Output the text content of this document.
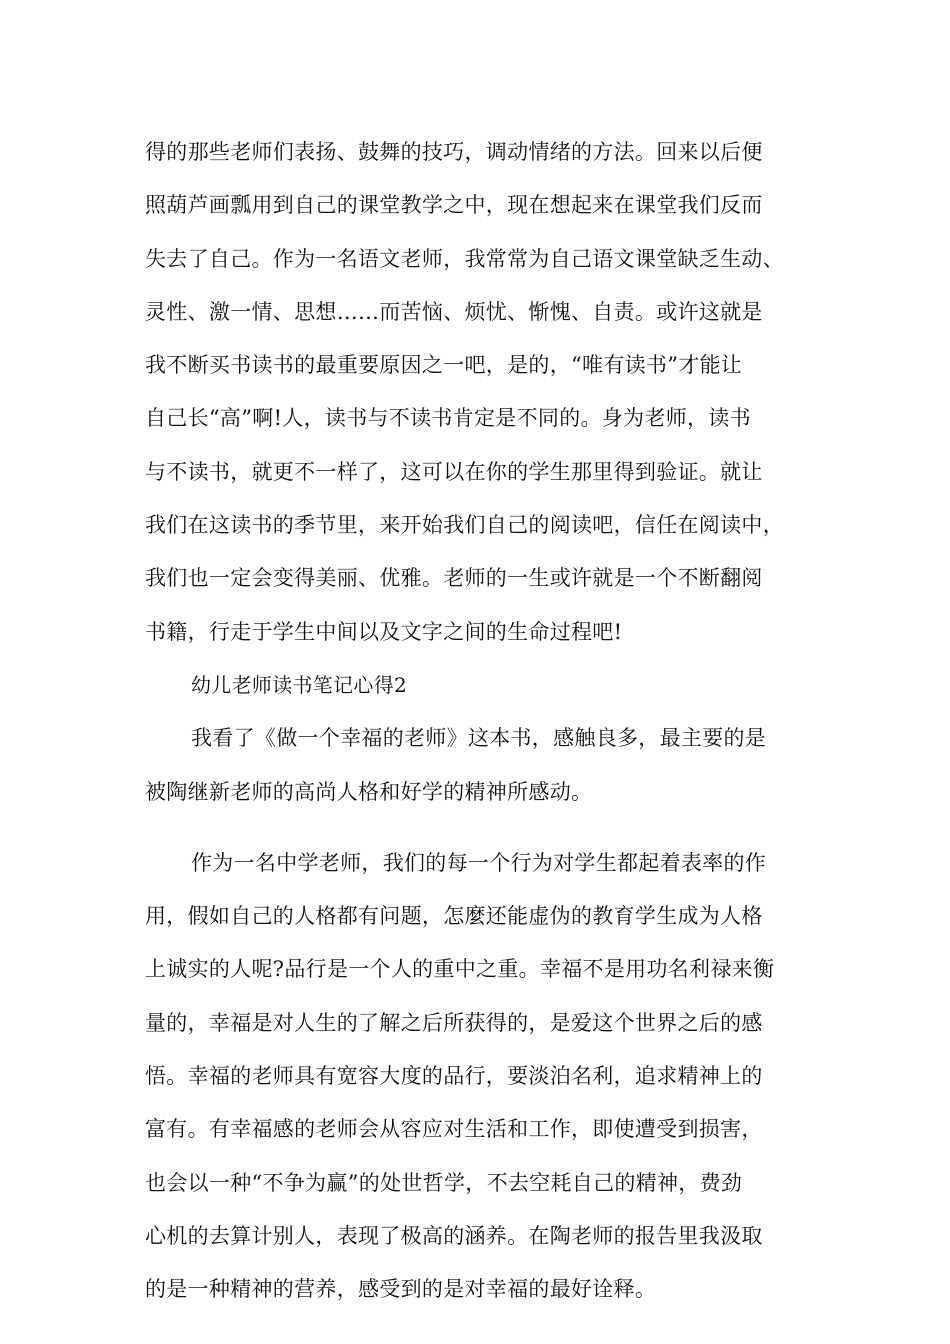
得的那些老师们表扬、鼓舞的技巧，调动情绪的方法。回来以后便
照葫芦画瓢用到自己的课堂教学之中，现在想起来在课堂我们反而
失去了自己。作为一名语文老师，我常常为自己语文课堂缺乏生动、
灵性、激一情、思想……而苦恼、烦忧、惭愧、自责。或许这就是
我不断买书读书的最重要原因之一吧，是的，“唯有读书”才能让
自己长“高”啊!人，读书与不读书肯定是不同的。身为老师，读书
与不读书，就更不一样了，这可以在你的学生那里得到验证。就让
我们在这读书的季节里，来开始我们自己的阅读吧，信任在阅读中，
我们也一定会变得美丽、优雅。老师的一生或许就是一个不断翻阅
书籍，行走于学生中间以及文字之间的生命过程吧!
幼儿老师读书笔记心得2
我看了《做一个幸福的老师》这本书，感触良多，最主要的是
被陶继新老师的高尚人格和好学的精神所感动。
作为一名中学老师，我们的每一个行为对学生都起着表率的作
用，假如自己的人格都有问题，怎麼还能虚伪的教育学生成为人格
上诚实的人呢?品行是一个人的重中之重。幸福不是用功名利禄来衡
量的，幸福是对人生的了解之后所获得的，是爱这个世界之后的感
悟。幸福的老师具有宽容大度的品行，要淡泊名利，追求精神上的
富有。有幸福感的老师会从容应对生活和工作，即使遭受到损害，
也会以一种“不争为赢”的处世哲学，不去空耗自己的精神，费劲
心机的去算计别人，表现了极高的涵养。在陶老师的报告里我汲取
的是一种精神的营养，感受到的是对幸福的最好诠释。
